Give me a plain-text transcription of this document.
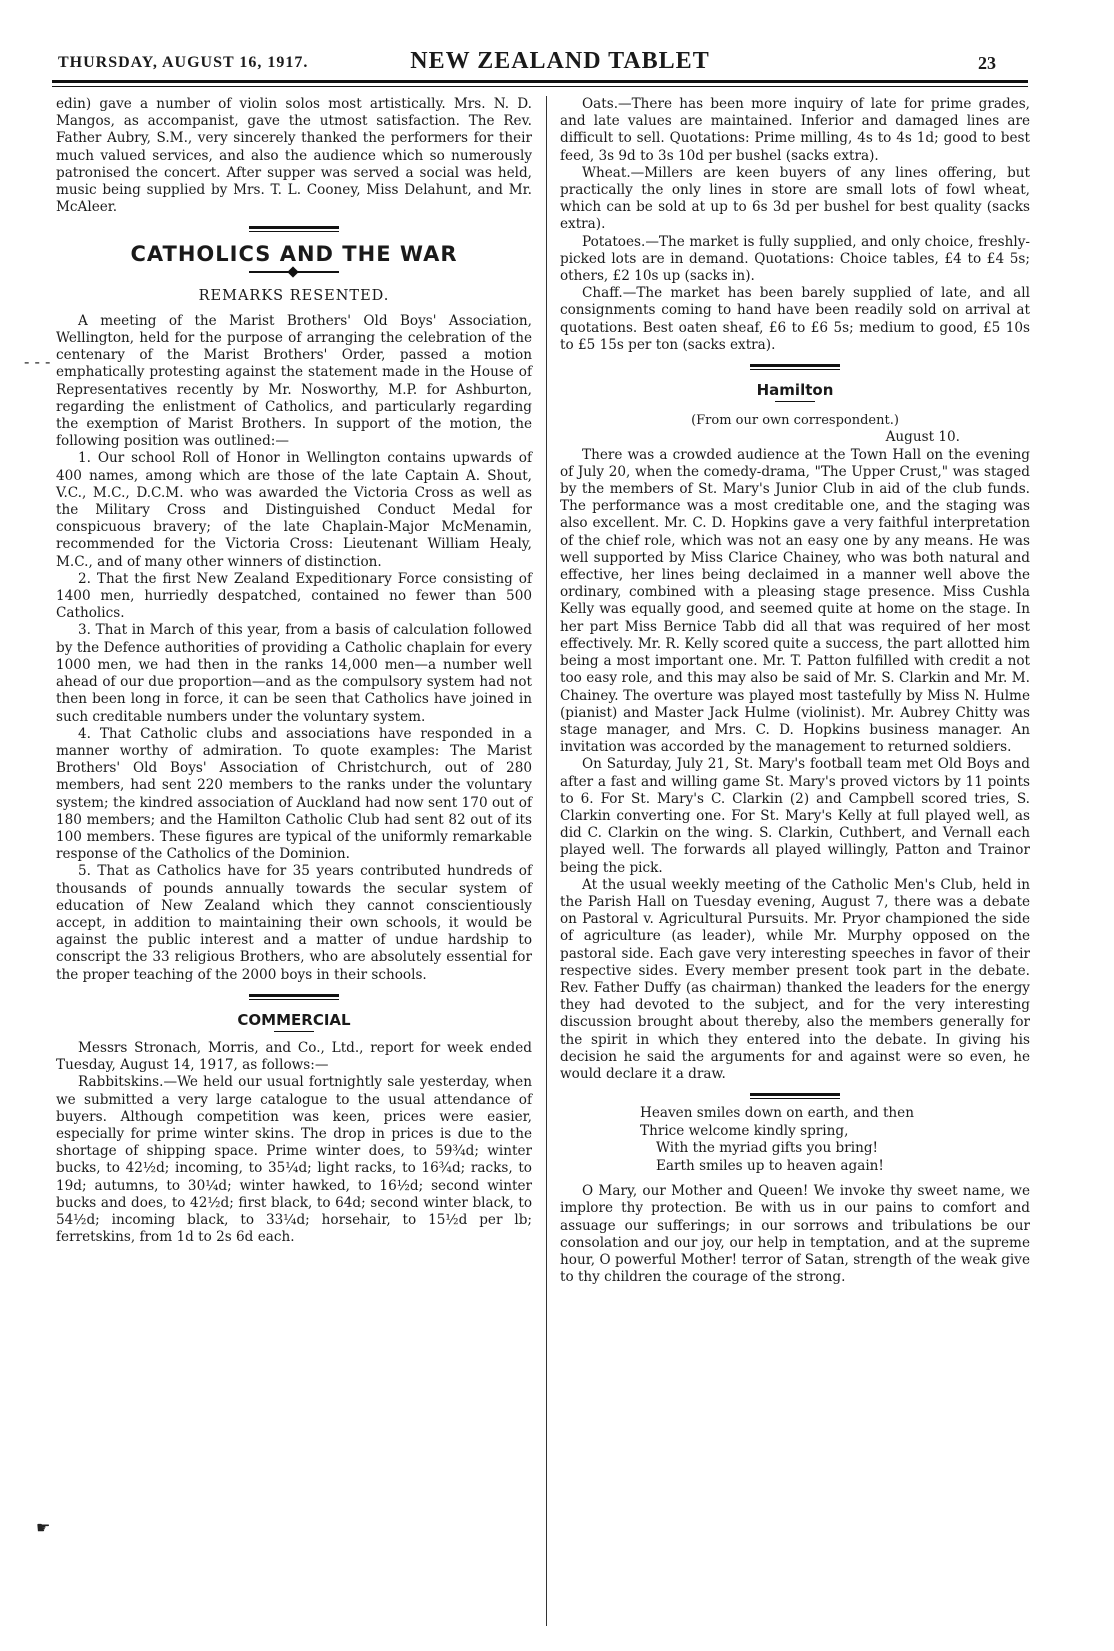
THURSDAY, AUGUST 16, 1917.	NEW ZEALAND TABLET	23

edin) gave a number of violin solos most artistically. Mrs. N. D. Mangos, as accompanist, gave the utmost satisfaction. The Rev. Father Aubry, S.M., very sincerely thanked the performers for their much valued services, and also the audience which so numerously patronised the concert. After supper was served a social was held, music being supplied by Mrs. T. L. Cooney, Miss Delahunt, and Mr. McAleer.

CATHOLICS AND THE WAR
REMARKS RESENTED.

A meeting of the Marist Brothers' Old Boys' Association, Wellington, held for the purpose of arranging the celebration of the centenary of the Marist Brothers' Order, passed a motion emphatically protesting against the statement made in the House of Representatives recently by Mr. Nosworthy, M.P. for Ashburton, regarding the enlistment of Catholics, and particularly regarding the exemption of Marist Brothers. In support of the motion, the following position was outlined:—

1. Our school Roll of Honor in Wellington contains upwards of 400 names, among which are those of the late Captain A. Shout, V.C., M.C., D.C.M. who was awarded the Victoria Cross as well as the Military Cross and Distinguished Conduct Medal for conspicuous bravery; of the late Chaplain-Major McMenamin, recommended for the Victoria Cross: Lieutenant William Healy, M.C., and of many other winners of distinction.

2. That the first New Zealand Expeditionary Force consisting of 1400 men, hurriedly despatched, contained no fewer than 500 Catholics.

3. That in March of this year, from a basis of calculation followed by the Defence authorities of providing a Catholic chaplain for every 1000 men, we had then in the ranks 14,000 men—a number well ahead of our due proportion—and as the compulsory system had not then been long in force, it can be seen that Catholics have joined in such creditable numbers under the voluntary system.

4. That Catholic clubs and associations have responded in a manner worthy of admiration. To quote examples: The Marist Brothers' Old Boys' Association of Christchurch, out of 280 members, had sent 220 members to the ranks under the voluntary system; the kindred association of Auckland had now sent 170 out of 180 members; and the Hamilton Catholic Club had sent 82 out of its 100 members. These figures are typical of the uniformly remarkable response of the Catholics of the Dominion.

5. That as Catholics have for 35 years contributed hundreds of thousands of pounds annually towards the secular system of education of New Zealand which they cannot conscientiously accept, in addition to maintaining their own schools, it would be against the public interest and a matter of undue hardship to conscript the 33 religious Brothers, who are absolutely essential for the proper teaching of the 2000 boys in their schools.

COMMERCIAL

Messrs Stronach, Morris, and Co., Ltd., report for week ended Tuesday, August 14, 1917, as follows:—

Rabbitskins.—We held our usual fortnightly sale yesterday, when we submitted a very large catalogue to the usual attendance of buyers. Although competition was keen, prices were easier, especially for prime winter skins. The drop in prices is due to the shortage of shipping space. Prime winter does, to 59¾d; winter bucks, to 42½d; incoming, to 35¼d; light racks, to 16¾d; racks, to 19d; autumns, to 30¼d; winter hawked, to 16½d; second winter bucks and does, to 42½d; first black, to 64d; second winter black, to 54½d; incoming black, to 33¼d; horsehair, to 15½d per lb; ferretskins, from 1d to 2s 6d each.

Oats.—There has been more inquiry of late for prime grades, and late values are maintained. Inferior and damaged lines are difficult to sell. Quotations: Prime milling, 4s to 4s 1d; good to best feed, 3s 9d to 3s 10d per bushel (sacks extra).

Wheat.—Millers are keen buyers of any lines offering, but practically the only lines in store are small lots of fowl wheat, which can be sold at up to 6s 3d per bushel for best quality (sacks extra).

Potatoes.—The market is fully supplied, and only choice, freshly-picked lots are in demand. Quotations: Choice tables, £4 to £4 5s; others, £2 10s up (sacks in).

Chaff.—The market has been barely supplied of late, and all consignments coming to hand have been readily sold on arrival at quotations. Best oaten sheaf, £6 to £6 5s; medium to good, £5 10s to £5 15s per ton (sacks extra).

Hamilton
(From our own correspondent.)

August 10.

There was a crowded audience at the Town Hall on the evening of July 20, when the comedy-drama, "The Upper Crust," was staged by the members of St. Mary's Junior Club in aid of the club funds. The performance was a most creditable one, and the staging was also excellent. Mr. C. D. Hopkins gave a very faithful interpretation of the chief role, which was not an easy one by any means. He was well supported by Miss Clarice Chainey, who was both natural and effective, her lines being declaimed in a manner well above the ordinary, combined with a pleasing stage presence. Miss Cushla Kelly was equally good, and seemed quite at home on the stage. In her part Miss Bernice Tabb did all that was required of her most effectively. Mr. R. Kelly scored quite a success, the part allotted him being a most important one. Mr. T. Patton fulfilled with credit a not too easy role, and this may also be said of Mr. S. Clarkin and Mr. M. Chainey. The overture was played most tastefully by Miss N. Hulme (pianist) and Master Jack Hulme (violinist). Mr. Aubrey Chitty was stage manager, and Mrs. C. D. Hopkins business manager. An invitation was accorded by the management to returned soldiers.

On Saturday, July 21, St. Mary's football team met Old Boys and after a fast and willing game St. Mary's proved victors by 11 points to 6. For St. Mary's C. Clarkin (2) and Campbell scored tries, S. Clarkin converting one. For St. Mary's Kelly at full played well, as did C. Clarkin on the wing. S. Clarkin, Cuthbert, and Vernall each played well. The forwards all played willingly, Patton and Trainor being the pick.

At the usual weekly meeting of the Catholic Men's Club, held in the Parish Hall on Tuesday evening, August 7, there was a debate on Pastoral v. Agricultural Pursuits. Mr. Pryor championed the side of agriculture (as leader), while Mr. Murphy opposed on the pastoral side. Each gave very interesting speeches in favor of their respective sides. Every member present took part in the debate. Rev. Father Duffy (as chairman) thanked the leaders for the energy they had devoted to the subject, and for the very interesting discussion brought about thereby, also the members generally for the spirit in which they entered into the debate. In giving his decision he said the arguments for and against were so even, he would declare it a draw.

Heaven smiles down on earth, and then
Thrice welcome kindly spring,
With the myriad gifts you bring!
Earth smiles up to heaven again!

O Mary, our Mother and Queen! We invoke thy sweet name, we implore thy protection. Be with us in our pains to comfort and assuage our sufferings; in our sorrows and tribulations be our consolation and our joy, our help in temptation, and at the supreme hour, O powerful Mother! terror of Satan, strength of the weak give to thy children the courage of the strong.

- - -
☛
